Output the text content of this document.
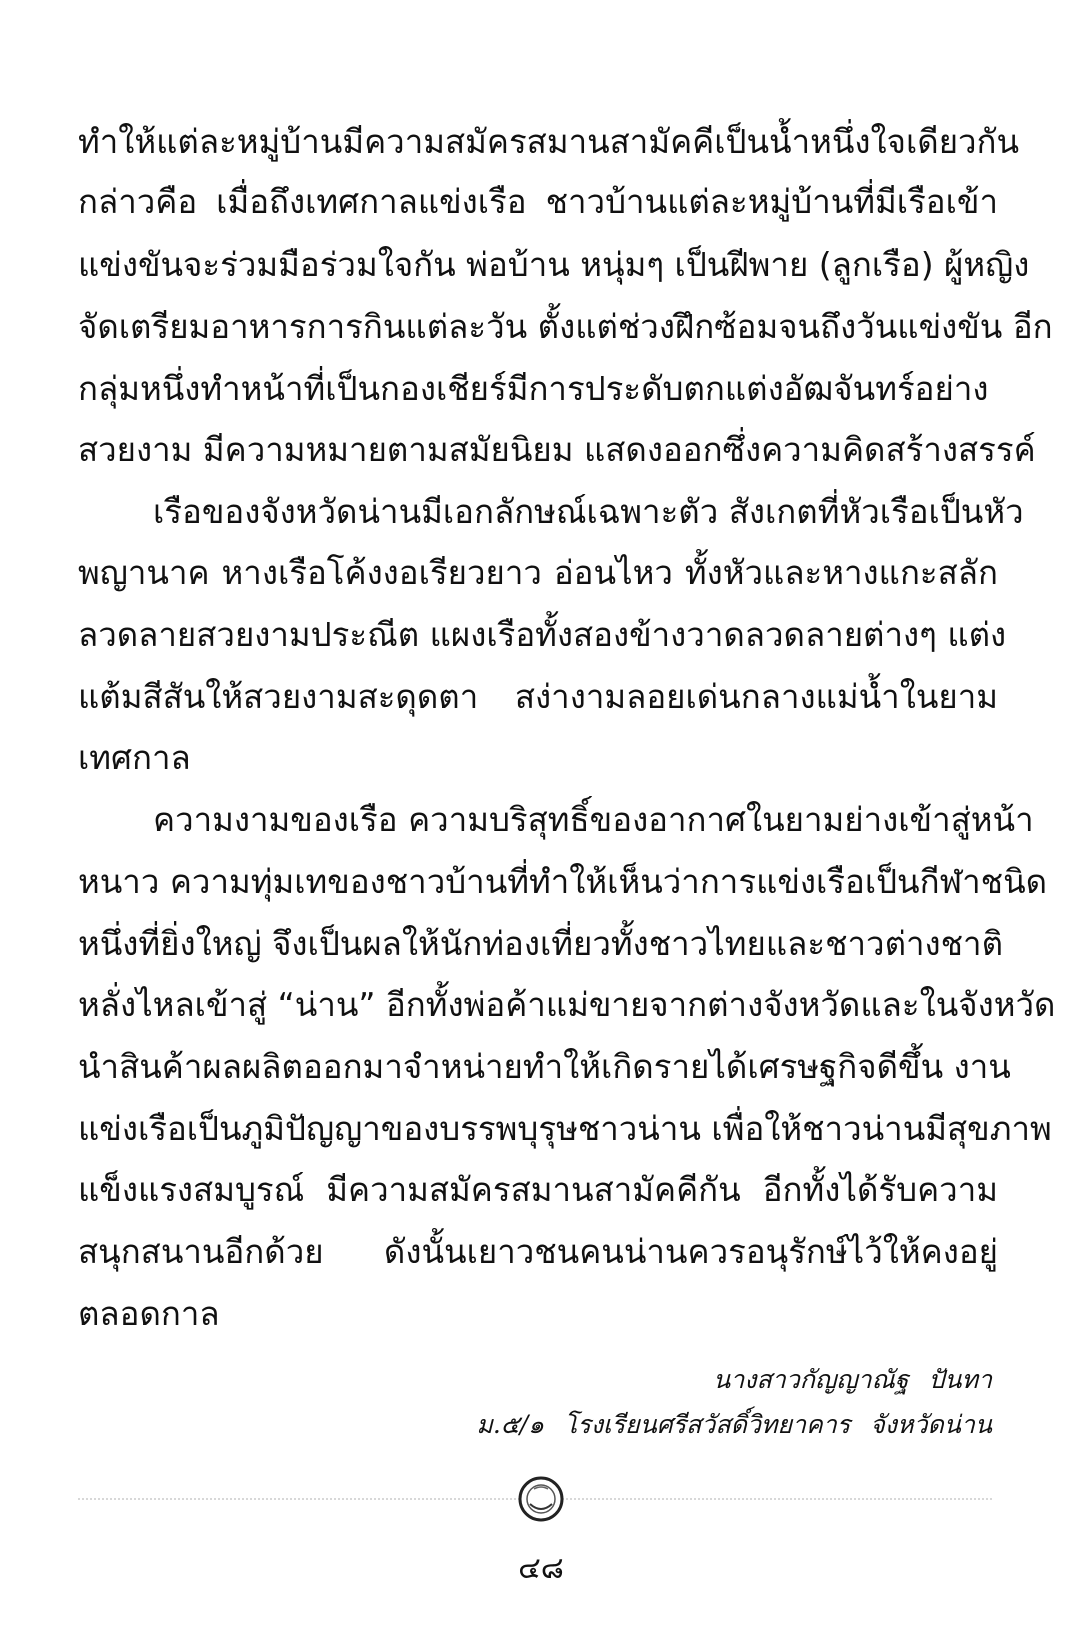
ทำให้แต่ละหมู่บ้านมีความสมัครสมานสามัคคีเป็นน้ำหนึ่งใจเดียวกัน
กล่าวคือ เมื่อถึงเทศกาลแข่งเรือ ชาวบ้านแต่ละหมู่บ้านที่มีเรือเข้า
แข่งขันจะร่วมมือร่วมใจกัน พ่อบ้าน หนุ่มๆ เป็นฝีพาย (ลูกเรือ) ผู้หญิง
จัดเตรียมอาหารการกินแต่ละวัน ตั้งแต่ช่วงฝึกซ้อมจนถึงวันแข่งขัน อีก
กลุ่มหนึ่งทำหน้าที่เป็นกองเชียร์มีการประดับตกแต่งอัฒจันทร์อย่าง
สวยงาม มีความหมายตามสมัยนิยม แสดงออกซึ่งความคิดสร้างสรรค์
เรือของจังหวัดน่านมีเอกลักษณ์เฉพาะตัว สังเกตที่หัวเรือเป็นหัว
พญานาค หางเรือโค้งงอเรียวยาว อ่อนไหว ทั้งหัวและหางแกะสลัก
ลวดลายสวยงามประณีต แผงเรือทั้งสองข้างวาดลวดลายต่างๆ แต่ง
แต้มสีสันให้สวยงามสะดุดตา สง่างามลอยเด่นกลางแม่น้ำในยาม
เทศกาล
ความงามของเรือ ความบริสุทธิ์ของอากาศในยามย่างเข้าสู่หน้า
หนาว ความทุ่มเทของชาวบ้านที่ทำให้เห็นว่าการแข่งเรือเป็นกีฬาชนิด
หนึ่งที่ยิ่งใหญ่ จึงเป็นผลให้นักท่องเที่ยวทั้งชาวไทยและชาวต่างชาติ
หลั่งไหลเข้าสู่ “น่าน” อีกทั้งพ่อค้าแม่ขายจากต่างจังหวัดและในจังหวัด
นำสินค้าผลผลิตออกมาจำหน่ายทำให้เกิดรายได้เศรษฐกิจดีขึ้น งาน
แข่งเรือเป็นภูมิปัญญาของบรรพบุรุษชาวน่าน เพื่อให้ชาวน่านมีสุขภาพ
แข็งแรงสมบูรณ์ มีความสมัครสมานสามัคคีกัน อีกทั้งได้รับความ
สนุกสนานอีกด้วย ดังนั้นเยาวชนคนน่านควรอนุรักษ์ไว้ให้คงอยู่
ตลอดกาล
นางสาวกัญญาณัฐ ปันทา
ม.๕/๑ โรงเรียนศรีสวัสดิ์วิทยาคาร จังหวัดน่าน
๔๘
